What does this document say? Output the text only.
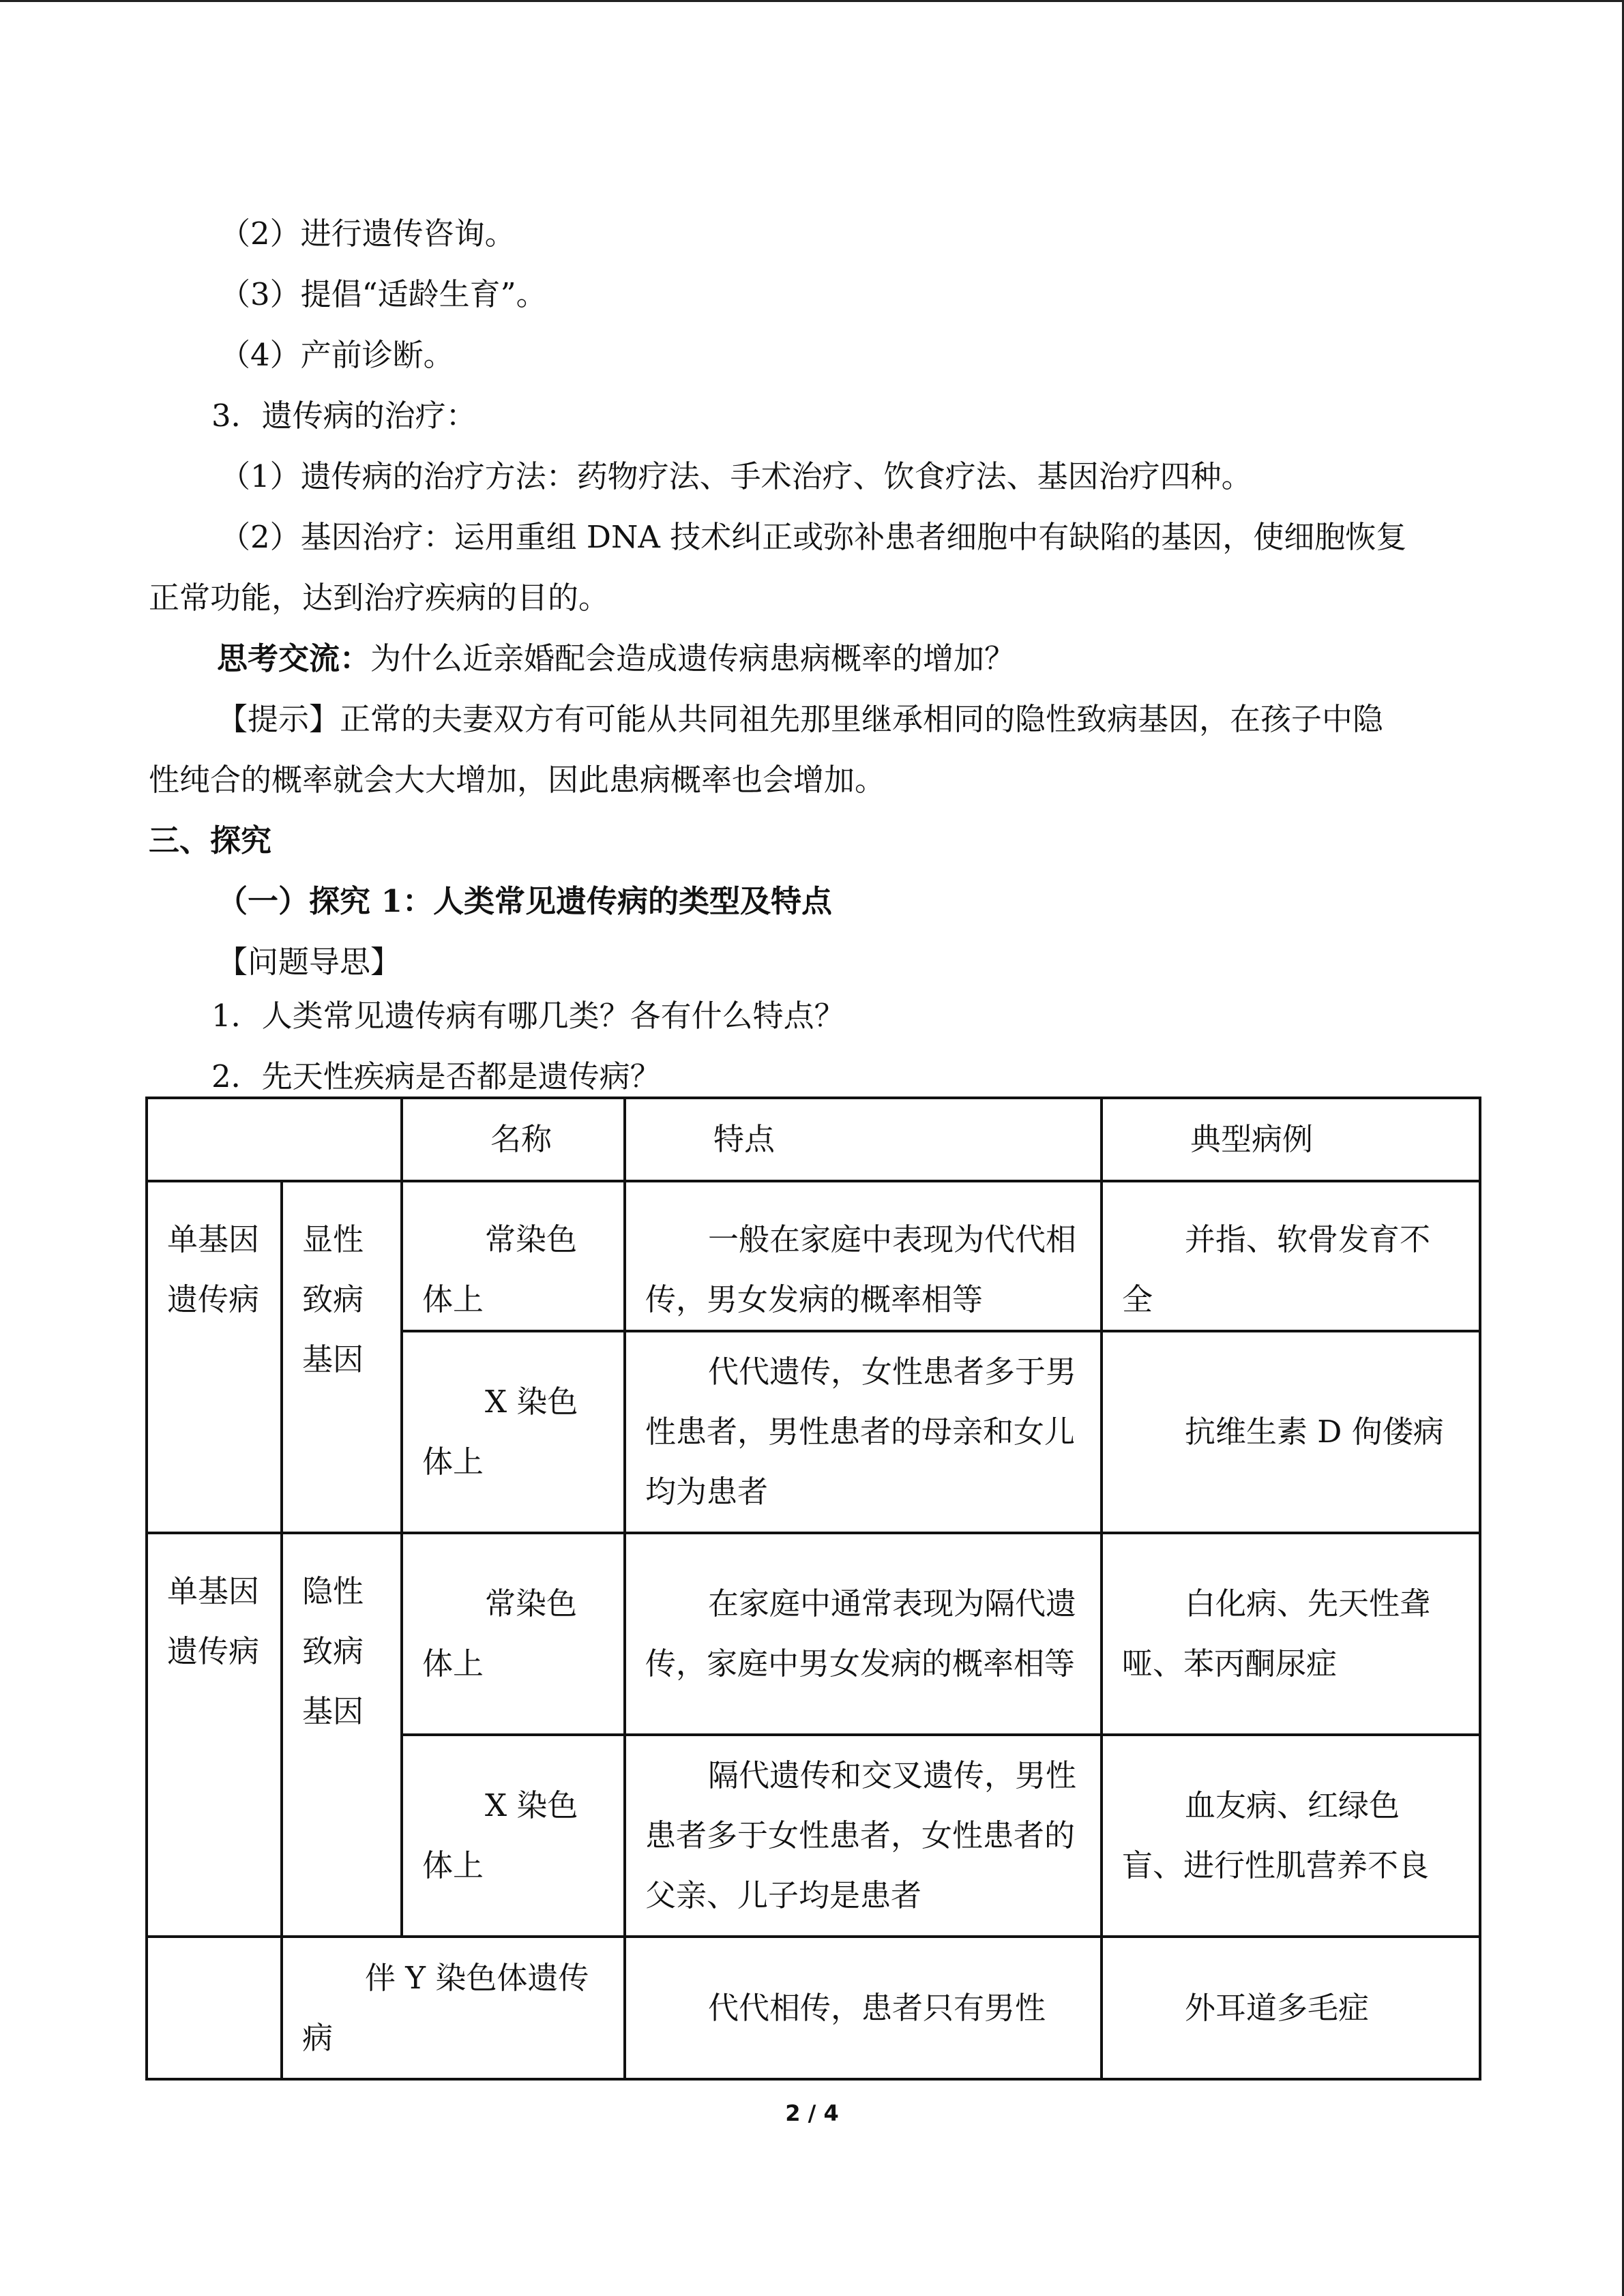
（2）进行遗传咨询。
（3）提倡“适龄生育”。
（4）产前诊断。
3．遗传病的治疗：
（1）遗传病的治疗方法：药物疗法、手术治疗、饮食疗法、基因治疗四种。
（2）基因治疗：运用重组 DNA 技术纠正或弥补患者细胞中有缺陷的基因，使细胞恢复
正常功能，达到治疗疾病的目的。
思考交流：为什么近亲婚配会造成遗传病患病概率的增加？
【提示】正常的夫妻双方有可能从共同祖先那里继承相同的隐性致病基因，在孩子中隐
性纯合的概率就会大大增加，因此患病概率也会增加。
三、探究
（一）探究 1：人类常见遗传病的类型及特点
【问题导思】
1．人类常见遗传病有哪几类？各有什么特点？
2．先天性疾病是否都是遗传病？
		名称	特点	典型病例
单基因遗传病	显性致病基因	常染色体上	一般在家庭中表现为代代相传，男女发病的概率相等	并指、软骨发育不全
		X 染色体上	代代遗传，女性患者多于男性患者，男性患者的母亲和女儿均为患者	抗维生素 D 佝偻病
单基因遗传病	隐性致病基因	常染色体上	在家庭中通常表现为隔代遗传，家庭中男女发病的概率相等	白化病、先天性聋哑、苯丙酮尿症
		X 染色体上	隔代遗传和交叉遗传，男性患者多于女性患者，女性患者的父亲、儿子均是患者	血友病、红绿色盲、进行性肌营养不良
	伴 Y 染色体遗传病		代代相传，患者只有男性	外耳道多毛症
2 / 4
